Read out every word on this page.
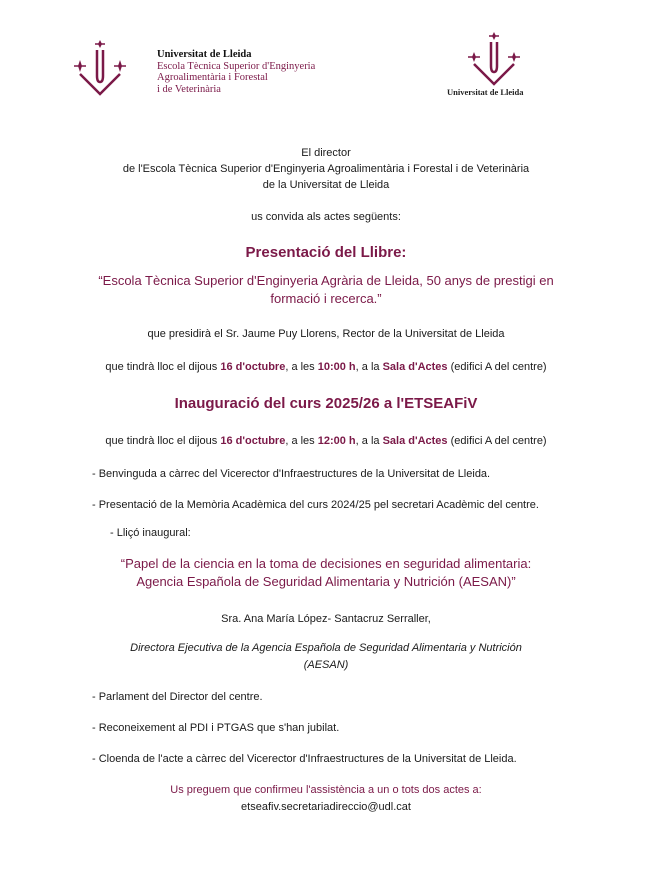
Universitat de Lleida
Escola Tècnica Superior d'Enginyeria
Agroalimentària i Forestal
i de Veterinària	Universitat de Lleida

El director

de l'Escola Tècnica Superior d'Enginyeria Agroalimentària i Forestal i de Veterinària

de la Universitat de Lleida

us convida als actes següents:

Presentació del Llibre:

“Escola Tècnica Superior d'Enginyeria Agrària de Lleida, 50 anys de prestigi en

formació i recerca.”

que presidirà el Sr. Jaume Puy Llorens, Rector de la Universitat de Lleida

que tindrà lloc el dijous 16 d'octubre, a les 10:00 h, a la Sala d'Actes (edifici A del centre)

Inauguració del curs 2025/26 a l'ETSEAFiV

que tindrà lloc el dijous 16 d'octubre, a les 12:00 h, a la Sala d'Actes (edifici A del centre)

- Benvinguda a càrrec del Vicerector d'Infraestructures de la Universitat de Lleida.

- Presentació de la Memòria Acadèmica del curs 2024/25 pel secretari Acadèmic del centre.

- Lliçó inaugural:

“Papel de la ciencia en la toma de decisiones en seguridad alimentaria:

Agencia Española de Seguridad Alimentaria y Nutrición (AESAN)”

Sra. Ana María López- Santacruz Serraller,

Directora Ejecutiva de la Agencia Española de Seguridad Alimentaria y Nutrición

(AESAN)

- Parlament del Director del centre.

- Reconeixement al PDI i PTGAS que s'han jubilat.

- Cloenda de l'acte a càrrec del Vicerector d'Infraestructures de la Universitat de Lleida.

Us preguem que confirmeu l'assistència a un o tots dos actes a:

etseafiv.secretariadireccio@udl.cat
